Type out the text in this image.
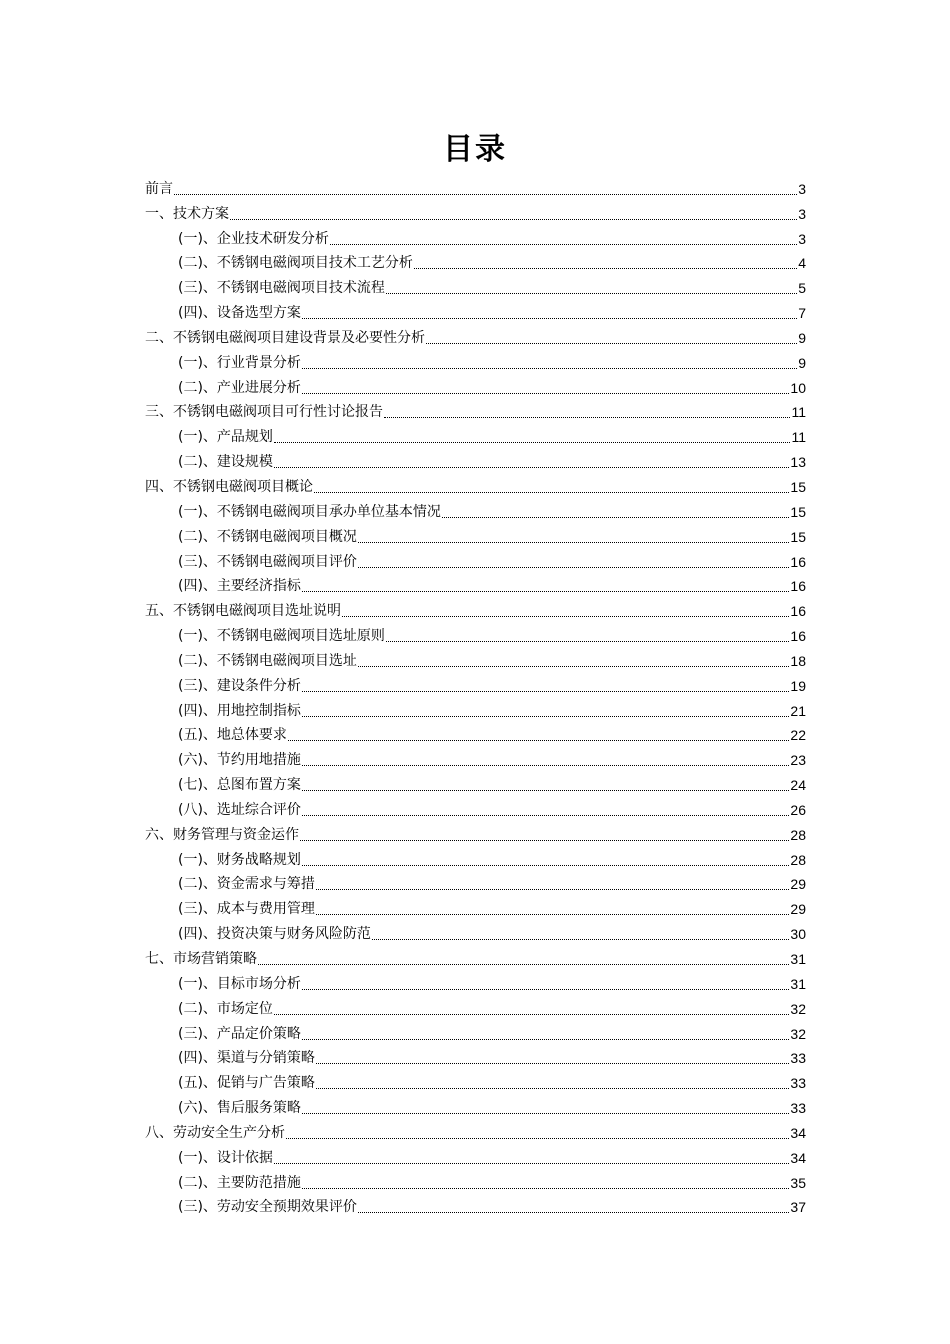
目录
前言	3
一、技术方案	3
(一)、企业技术研发分析	3
(二)、不锈钢电磁阀项目技术工艺分析	4
(三)、不锈钢电磁阀项目技术流程	5
(四)、设备选型方案	7
二、不锈钢电磁阀项目建设背景及必要性分析	9
(一)、行业背景分析	9
(二)、产业进展分析	10
三、不锈钢电磁阀项目可行性讨论报告	11
(一)、产品规划	11
(二)、建设规模	13
四、不锈钢电磁阀项目概论	15
(一)、不锈钢电磁阀项目承办单位基本情况	15
(二)、不锈钢电磁阀项目概况	15
(三)、不锈钢电磁阀项目评价	16
(四)、主要经济指标	16
五、不锈钢电磁阀项目选址说明	16
(一)、不锈钢电磁阀项目选址原则	16
(二)、不锈钢电磁阀项目选址	18
(三)、建设条件分析	19
(四)、用地控制指标	21
(五)、地总体要求	22
(六)、节约用地措施	23
(七)、总图布置方案	24
(八)、选址综合评价	26
六、财务管理与资金运作	28
(一)、财务战略规划	28
(二)、资金需求与筹措	29
(三)、成本与费用管理	29
(四)、投资决策与财务风险防范	30
七、市场营销策略	31
(一)、目标市场分析	31
(二)、市场定位	32
(三)、产品定价策略	32
(四)、渠道与分销策略	33
(五)、促销与广告策略	33
(六)、售后服务策略	33
八、劳动安全生产分析	34
(一)、设计依据	34
(二)、主要防范措施	35
(三)、劳动安全预期效果评价	37
